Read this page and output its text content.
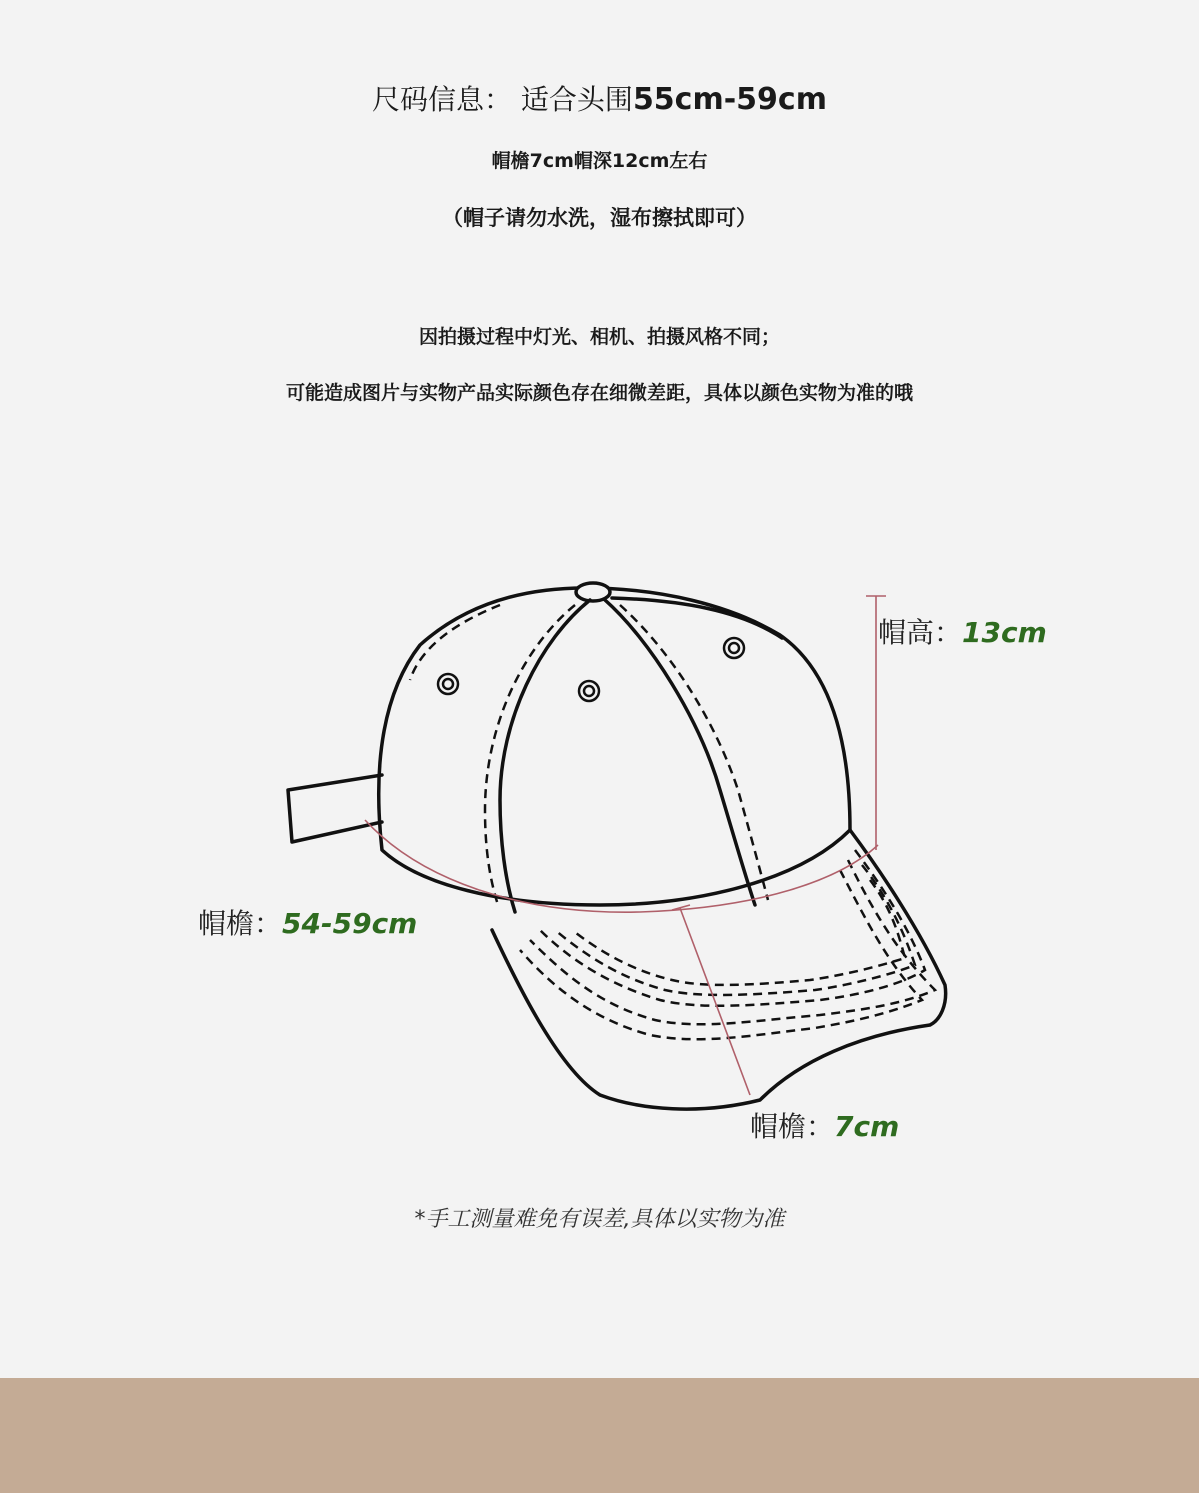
尺码信息： 适合头围55cm-59cm
帽檐7cm帽深12cm左右
（帽子请勿水洗，湿布擦拭即可）
因拍摄过程中灯光、相机、拍摄风格不同；
可能造成图片与实物产品实际颜色存在细微差距，具体以颜色实物为准的哦
帽高：13cm
帽檐：54-59cm
帽檐：7cm
*手工测量难免有误差,具体以实物为准
